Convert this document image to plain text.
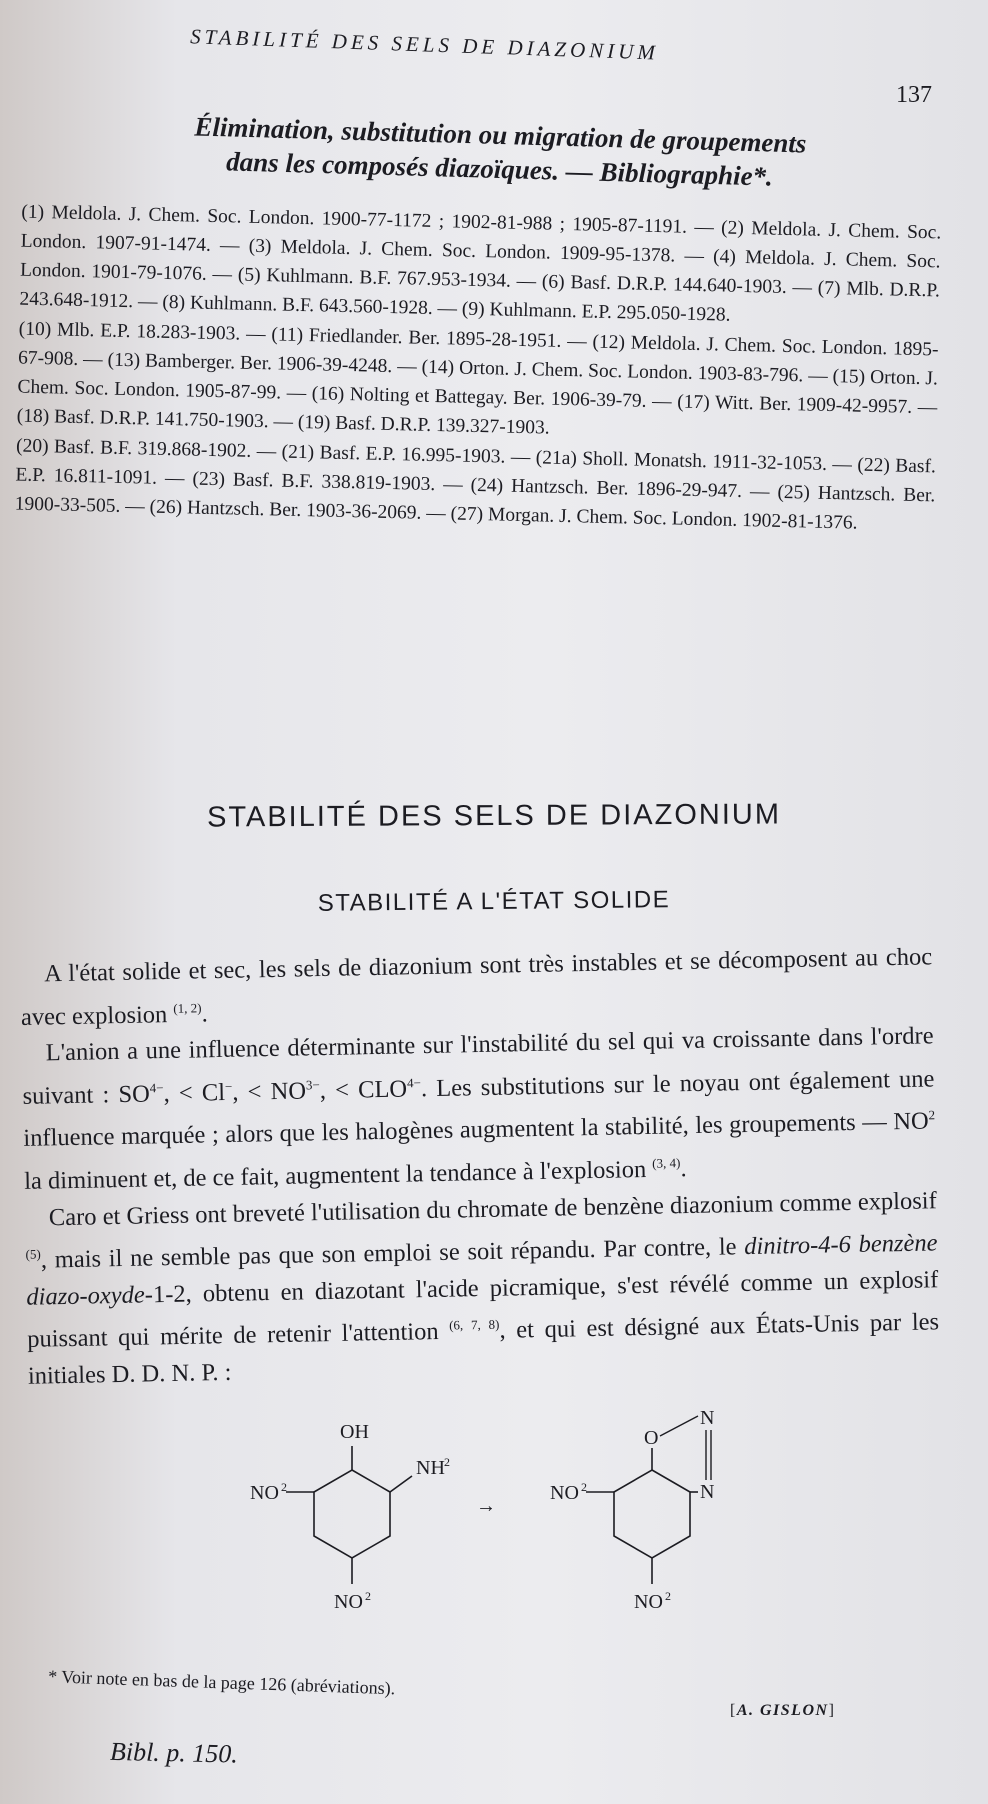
STABILITÉ DES SELS DE DIAZONIUM
137
Élimination, substitution ou migration de groupements
dans les composés diazoïques. — Bibliographie*.

(1) Meldola. J. Chem. Soc. London. 1900-77-1172 ; 1902-81-988 ; 1905-87-1191. — (2) Meldola. J. Chem. Soc. London. 1907-91-1474. — (3) Meldola. J. Chem. Soc. London. 1909-95-1378. — (4) Meldola. J. Chem. Soc. London. 1901-79-1076. — (5) Kuhlmann. B.F. 767.953-1934. — (6) Basf. D.R.P. 144.640-1903. — (7) Mlb. D.R.P. 243.648-1912. — (8) Kuhlmann. B.F. 643.560-1928. — (9) Kuhlmann. E.P. 295.050-1928.

(10) Mlb. E.P. 18.283-1903. — (11) Friedlander. Ber. 1895-28-1951. — (12) Meldola. J. Chem. Soc. London. 1895-67-908. — (13) Bamberger. Ber. 1906-39-4248. — (14) Orton. J. Chem. Soc. London. 1903-83-796. — (15) Orton. J. Chem. Soc. London. 1905-87-99. — (16) Nolting et Battegay. Ber. 1906-39-79. — (17) Witt. Ber. 1909-42-9957. — (18) Basf. D.R.P. 141.750-1903. — (19) Basf. D.R.P. 139.327-1903.

(20) Basf. B.F. 319.868-1902. — (21) Basf. E.P. 16.995-1903. — (21a) Sholl. Monatsh. 1911-32-1053. — (22) Basf. E.P. 16.811-1091. — (23) Basf. B.F. 338.819-1903. — (24) Hantzsch. Ber. 1896-29-947. — (25) Hantzsch. Ber. 1900-33-505. — (26) Hantzsch. Ber. 1903-36-2069. — (27) Morgan. J. Chem. Soc. London. 1902-81-1376.

STABILITÉ DES SELS DE DIAZONIUM
STABILITÉ A L'ÉTAT SOLIDE

A l'état solide et sec, les sels de diazonium sont très instables et se décomposent au choc avec explosion $^{(1, 2)}$.

L'anion a une influence déterminante sur l'instabilité du sel qui va croissante dans l'ordre suivant : $SO^{4-}$, < Cl−, < $NO^{3-}$, < $CLO^{4-}$. Les substitutions sur le noyau ont également une influence marquée ; alors que les halogènes augmentent la stabilité, les groupements — $NO^2$ la diminuent et, de ce fait, augmentent la tendance à l'explosion $^{(3, 4)}$.

Caro et Griess ont breveté l'utilisation du chromate de benzène diazonium comme explosif $^{(5)}$, mais il ne semble pas que son emploi se soit répandu. Par contre, le dinitro-4-6 benzène diazo-oxyde-1-2, obtenu en diazotant l'acide picramique, s'est révélé comme un explosif puissant qui mérite de retenir l'attention $^{(6, 7, 8)}$, et qui est désigné aux États-Unis par les initiales D. D. N. P. :

OH
NH 2
NO 2
NO 2
→
N
O
N
NO 2
NO 2
* Voir note en bas de la page 126 (abréviations).
[A. GISLON]
Bibl. p. 150.
